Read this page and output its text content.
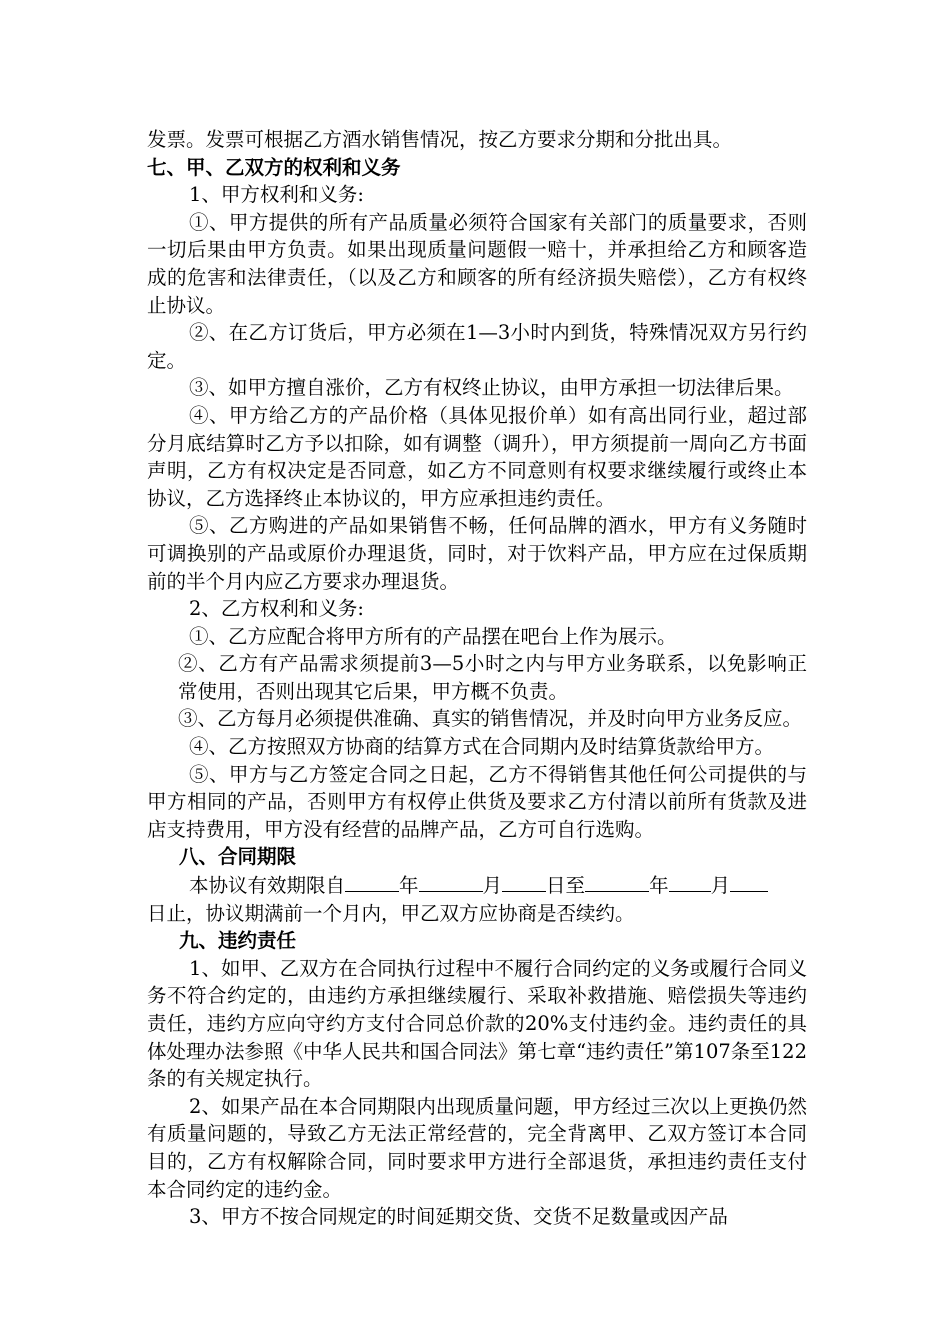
发票。发票可根据乙方酒水销售情况，按乙方要求分期和分批出具。

七、甲、乙双方的权利和义务

1、甲方权利和义务:

①、甲方提供的所有产品质量必须符合国家有关部门的质量要求，否则一切后果由甲方负责。如果出现质量问题假一赔十，并承担给乙方和顾客造成的危害和法律责任，（以及乙方和顾客的所有经济损失赔偿），乙方有权终止协议。

②、在乙方订货后，甲方必须在1—3小时内到货，特殊情况双方另行约定。

③、如甲方擅自涨价，乙方有权终止协议，由甲方承担一切法律后果。

④、甲方给乙方的产品价格（具体见报价单）如有高出同行业，超过部分月底结算时乙方予以扣除，如有调整（调升），甲方须提前一周向乙方书面声明，乙方有权决定是否同意，如乙方不同意则有权要求继续履行或终止本协议，乙方选择终止本协议的，甲方应承担违约责任。

⑤、乙方购进的产品如果销售不畅，任何品牌的酒水，甲方有义务随时可调换别的产品或原价办理退货，同时，对于饮料产品，甲方应在过保质期前的半个月内应乙方要求办理退货。

2、乙方权利和义务:

①、乙方应配合将甲方所有的产品摆在吧台上作为展示。

②、乙方有产品需求须提前3—5小时之内与甲方业务联系，以免影响正常使用，否则出现其它后果，甲方概不负责。

③、乙方每月必须提供准确、真实的销售情况，并及时向甲方业务反应。

④、乙方按照双方协商的结算方式在合同期内及时结算货款给甲方。

⑤、甲方与乙方签定合同之日起，乙方不得销售其他任何公司提供的与甲方相同的产品，否则甲方有权停止供货及要求乙方付清以前所有货款及进店支持费用，甲方没有经营的品牌产品，乙方可自行选购。

八、合同期限

本协议有效期限自	年	月 日至	年 月
日止，协议期满前一个月内，甲乙双方应协商是否续约。

九、违约责任

1、如甲、乙双方在合同执行过程中不履行合同约定的义务或履行合同义务不符合约定的，由违约方承担继续履行、采取补救措施、赔偿损失等违约责任，违约方应向守约方支付合同总价款的20%支付违约金。违约责任的具体处理办法参照《中华人民共和国合同法》第七章“违约责任”第107条至122条的有关规定执行。

2、如果产品在本合同期限内出现质量问题，甲方经过三次以上更换仍然有质量问题的，导致乙方无法正常经营的，完全背离甲、乙双方签订本合同目的，乙方有权解除合同，同时要求甲方进行全部退货，承担违约责任支付本合同约定的违约金。

3、甲方不按合同规定的时间延期交货、交货不足数量或因产品
